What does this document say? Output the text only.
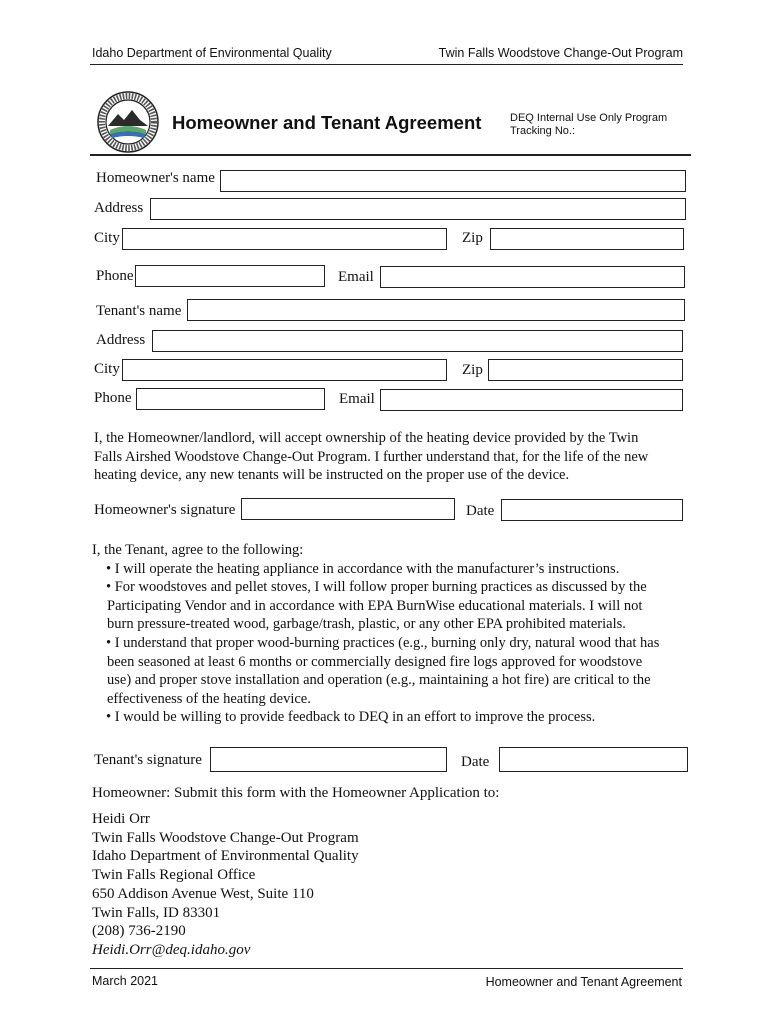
Idaho Department of Environmental Quality	Twin Falls Woodstove Change-Out Program
Homeowner and Tenant Agreement	DEQ Internal Use Only Program
Tracking No.:
Homeowner's name
Address
City	Zip
Phone	Email
Tenant's name
Address
City	Zip
Phone	Email

I, the Homeowner/landlord, will accept ownership of the heating device provided by the Twin

Falls Airshed Woodstove Change-Out Program. I further understand that, for the life of the new

heating device, any new tenants will be instructed on the proper use of the device.

Homeowner's signature	Date

I, the Tenant, agree to the following:

• I will operate the heating appliance in accordance with the manufacturer’s instructions.

• For woodstoves and pellet stoves, I will follow proper burning practices as discussed by the

Participating Vendor and in accordance with EPA BurnWise educational materials. I will not

burn pressure-treated wood, garbage/trash, plastic, or any other EPA prohibited materials.

• I understand that proper wood-burning practices (e.g., burning only dry, natural wood that has

been seasoned at least 6 months or commercially designed fire logs approved for woodstove

use) and proper stove installation and operation (e.g., maintaining a hot fire) are critical to the

effectiveness of the heating device.

• I would be willing to provide feedback to DEQ in an effort to improve the process.

Tenant's signature	Date
Homeowner: Submit this form with the Homeowner Application to:
Heidi Orr
Twin Falls Woodstove Change-Out Program
Idaho Department of Environmental Quality
Twin Falls Regional Office
650 Addison Avenue West, Suite 110
Twin Falls, ID 83301
(208) 736-2190
Heidi.Orr@deq.idaho.gov
March 2021	Homeowner and Tenant Agreement
